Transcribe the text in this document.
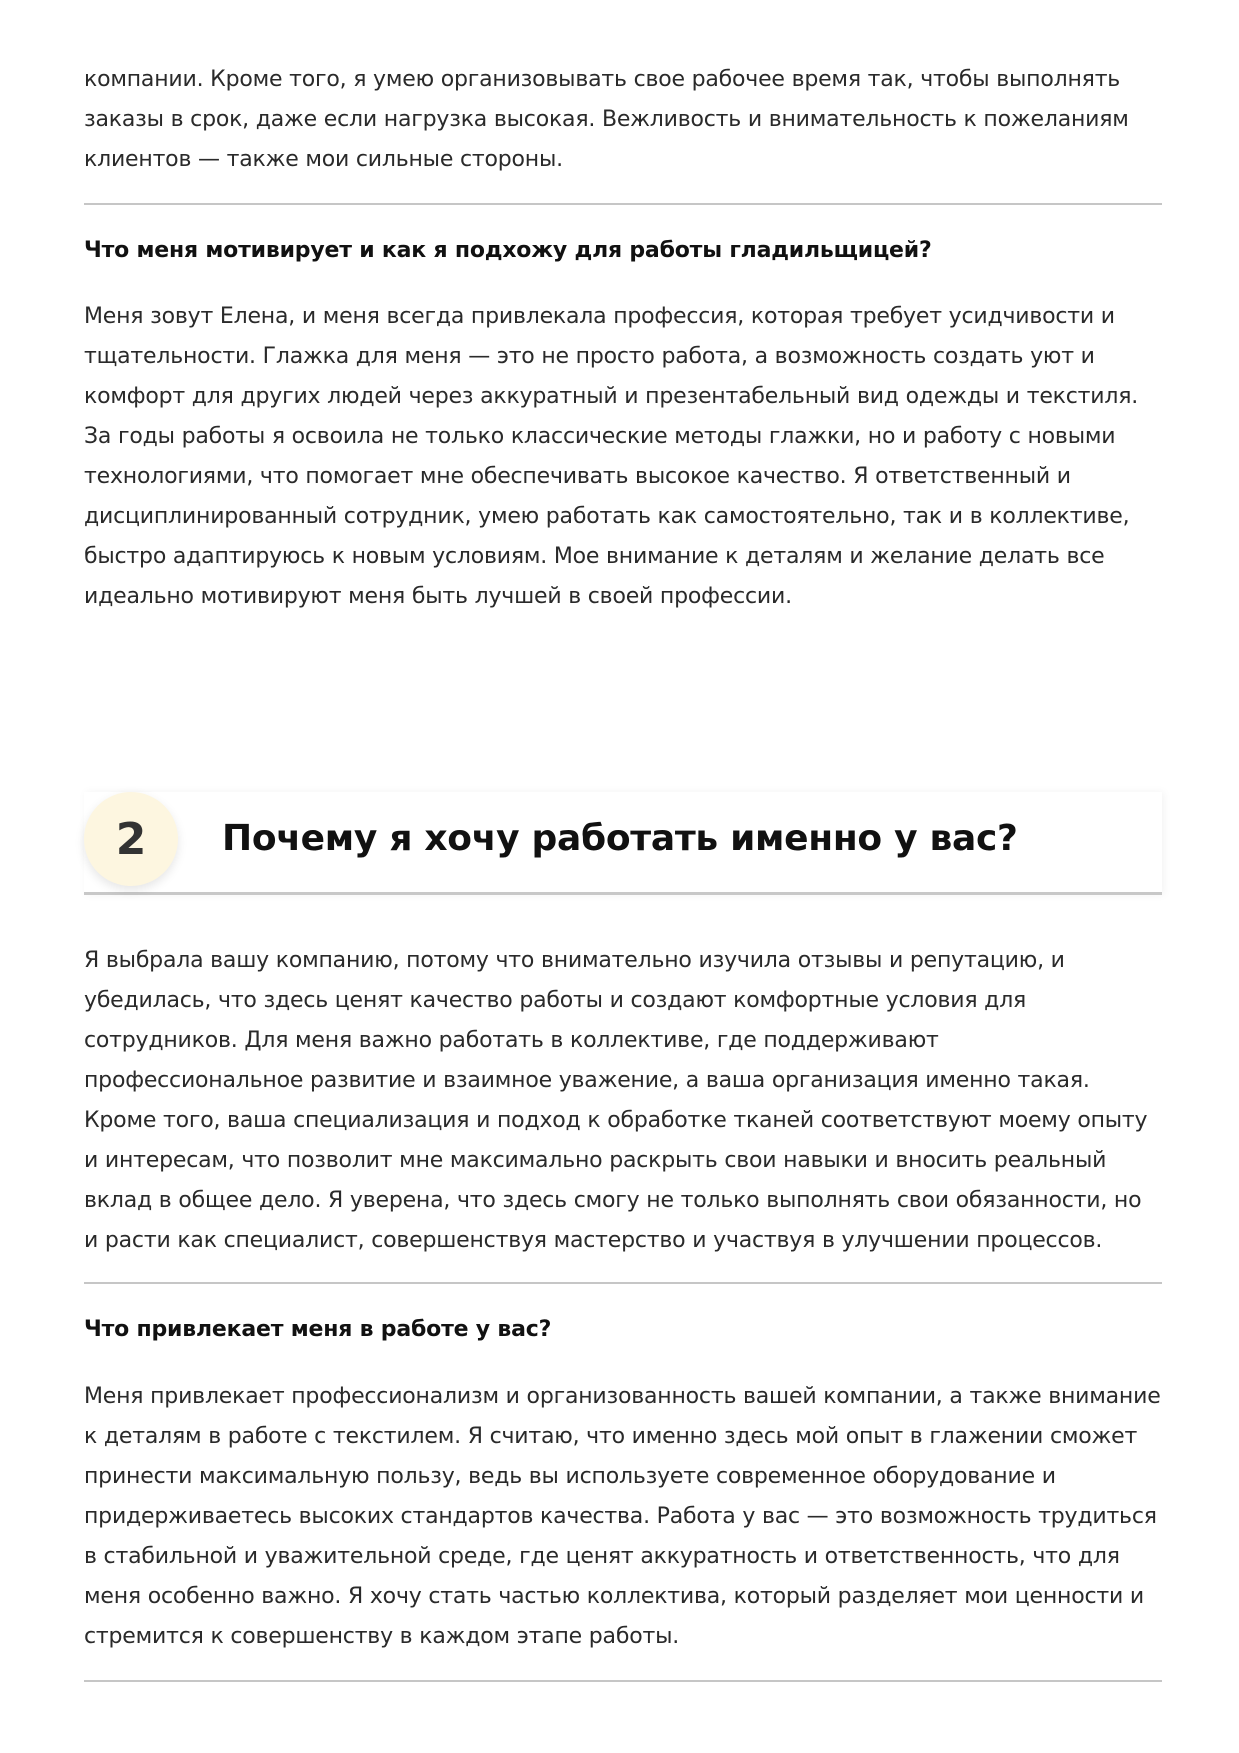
компании. Кроме того, я умею организовывать свое рабочее время так, чтобы выполнять заказы в срок, даже если нагрузка высокая. Вежливость и внимательность к пожеланиям клиентов — также мои сильные стороны.

Что меня мотивирует и как я подхожу для работы гладильщицей?

Меня зовут Елена, и меня всегда привлекала профессия, которая требует усидчивости и тщательности. Глажка для меня — это не просто работа, а возможность создать уют и комфорт для других людей через аккуратный и презентабельный вид одежды и текстиля. За годы работы я освоила не только классические методы глажки, но и работу с новыми технологиями, что помогает мне обеспечивать высокое качество. Я ответственный и дисциплинированный сотрудник, умею работать как самостоятельно, так и в коллективе, быстро адаптируюсь к новым условиям. Мое внимание к деталям и желание делать все идеально мотивируют меня быть лучшей в своей профессии.

2	Почему я хочу работать именно у вас?

Я выбрала вашу компанию, потому что внимательно изучила отзывы и репутацию, и убедилась, что здесь ценят качество работы и создают комфортные условия для сотрудников. Для меня важно работать в коллективе, где поддерживают профессиональное развитие и взаимное уважение, а ваша организация именно такая. Кроме того, ваша специализация и подход к обработке тканей соответствуют моему опыту и интересам, что позволит мне максимально раскрыть свои навыки и вносить реальный вклад в общее дело. Я уверена, что здесь смогу не только выполнять свои обязанности, но и расти как специалист, совершенствуя мастерство и участвуя в улучшении процессов.

Что привлекает меня в работе у вас?

Меня привлекает профессионализм и организованность вашей компании, а также внимание к деталям в работе с текстилем. Я считаю, что именно здесь мой опыт в глажении сможет принести максимальную пользу, ведь вы используете современное оборудование и придерживаетесь высоких стандартов качества. Работа у вас — это возможность трудиться в стабильной и уважительной среде, где ценят аккуратность и ответственность, что для меня особенно важно. Я хочу стать частью коллектива, который разделяет мои ценности и стремится к совершенству в каждом этапе работы.
